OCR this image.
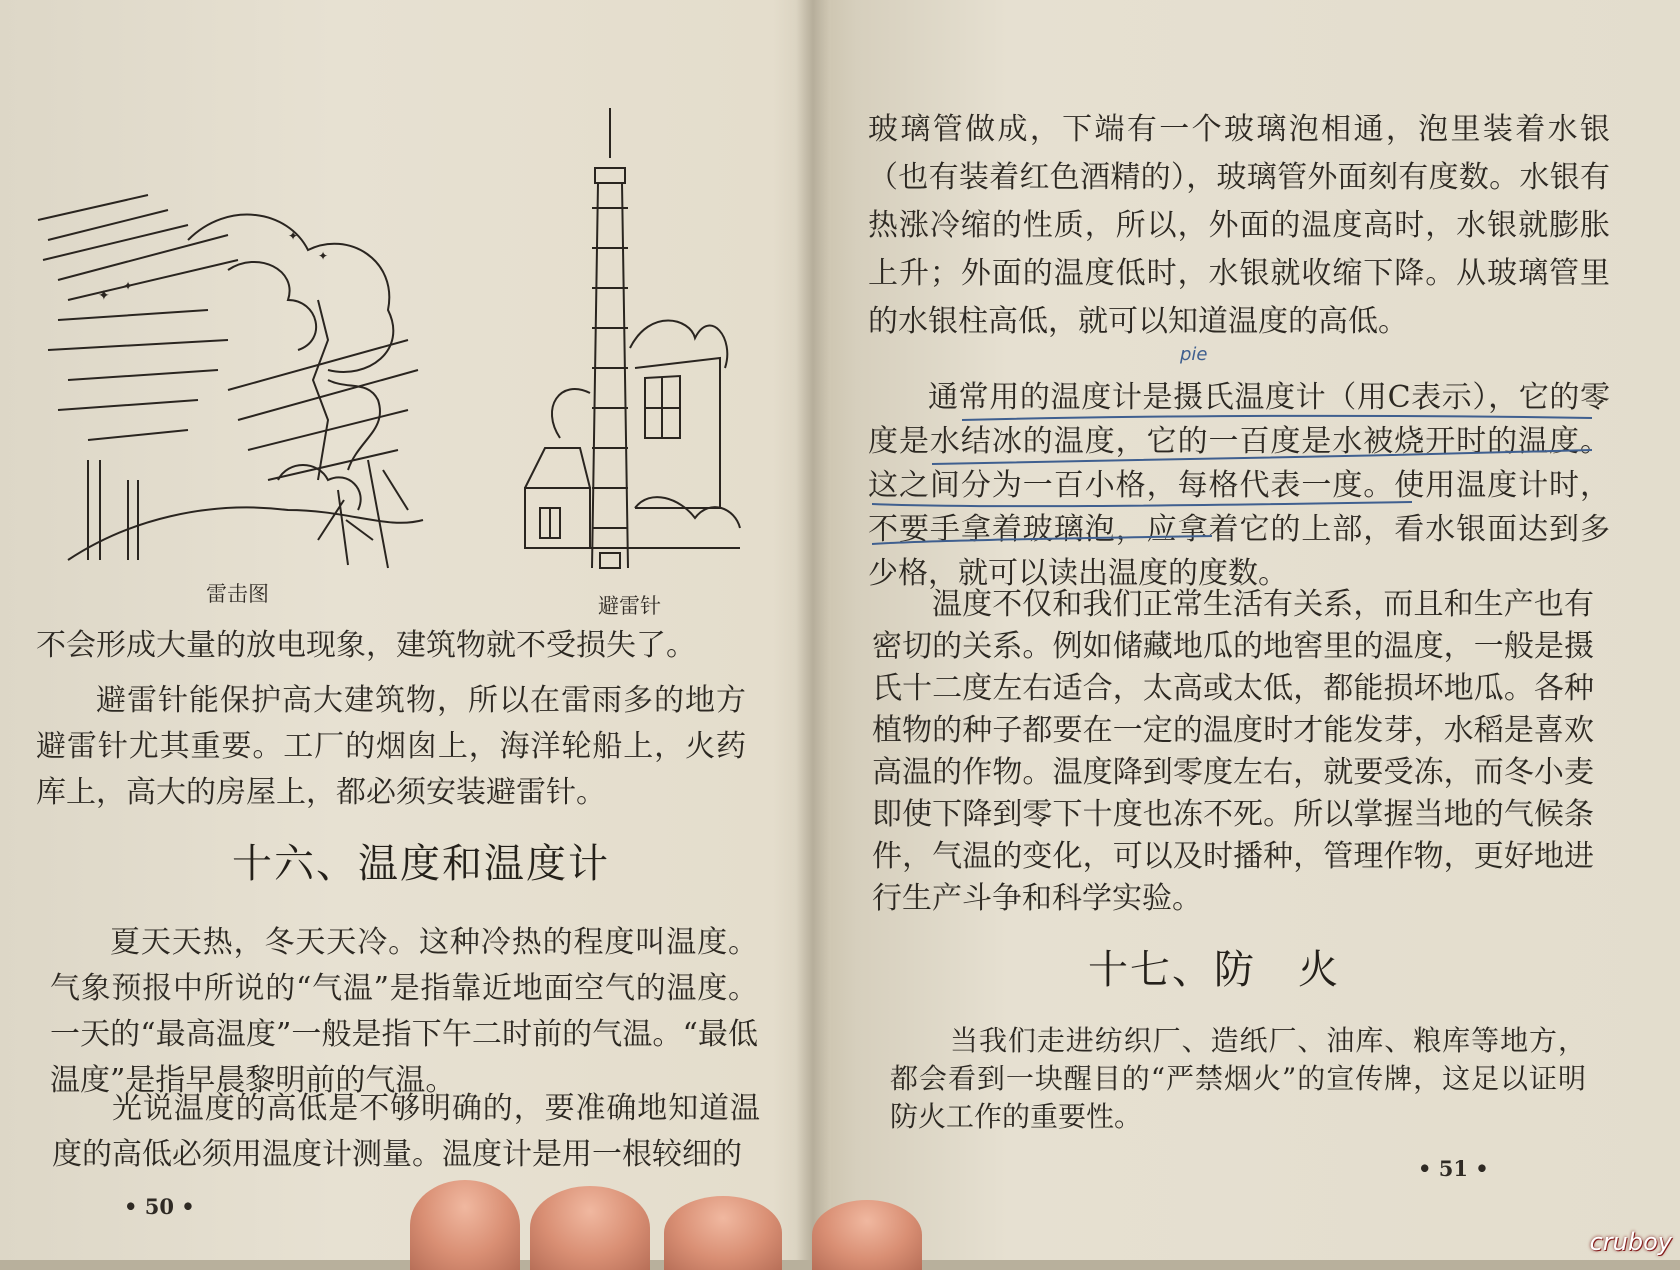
✦
✦
✦
✦

雷击图	避雷针

不会形成大量的放电现象，建筑物就不受损失了。

避雷针能保护高大建筑物，所以在雷雨多的地方避雷针尤其重要。工厂的烟囱上，海洋轮船上，火药库上，高大的房屋上，都必须安装避雷针。

十六、温度和温度计

夏天天热，冬天天冷。这种冷热的程度叫温度。气象预报中所说的“气温”是指靠近地面空气的温度。一天的“最高温度”一般是指下午二时前的气温。“最低温度”是指早晨黎明前的气温。

光说温度的高低是不够明确的，要准确地知道温度的高低必须用温度计测量。温度计是用一根较细的

• 50 •

玻璃管做成，下端有一个玻璃泡相通，泡里装着水银（也有装着红色酒精的），玻璃管外面刻有度数。水银有热涨冷缩的性质，所以，外面的温度高时，水银就膨胀上升；外面的温度低时，水银就收缩下降。从玻璃管里的水银柱高低，就可以知道温度的高低。

pie

通常用的温度计是摄氏温度计（用C表示），它的零度是水结冰的温度，它的一百度是水被烧开时的温度。这之间分为一百小格，每格代表一度。使用温度计时，不要手拿着玻璃泡，应拿着它的上部，看水银面达到多少格，就可以读出温度的度数。

温度不仅和我们正常生活有关系，而且和生产也有密切的关系。例如储藏地瓜的地窖里的温度，一般是摄氏十二度左右适合，太高或太低，都能损坏地瓜。各种植物的种子都要在一定的温度时才能发芽，水稻是喜欢高温的作物。温度降到零度左右，就要受冻，而冬小麦即使下降到零下十度也冻不死。所以掌握当地的气候条件，气温的变化，可以及时播种，管理作物，更好地进行生产斗争和科学实验。

十七、防　火

当我们走进纺织厂、造纸厂、油库、粮库等地方，都会看到一块醒目的“严禁烟火”的宣传牌，这足以证明防火工作的重要性。

• 51 •

cruboy
